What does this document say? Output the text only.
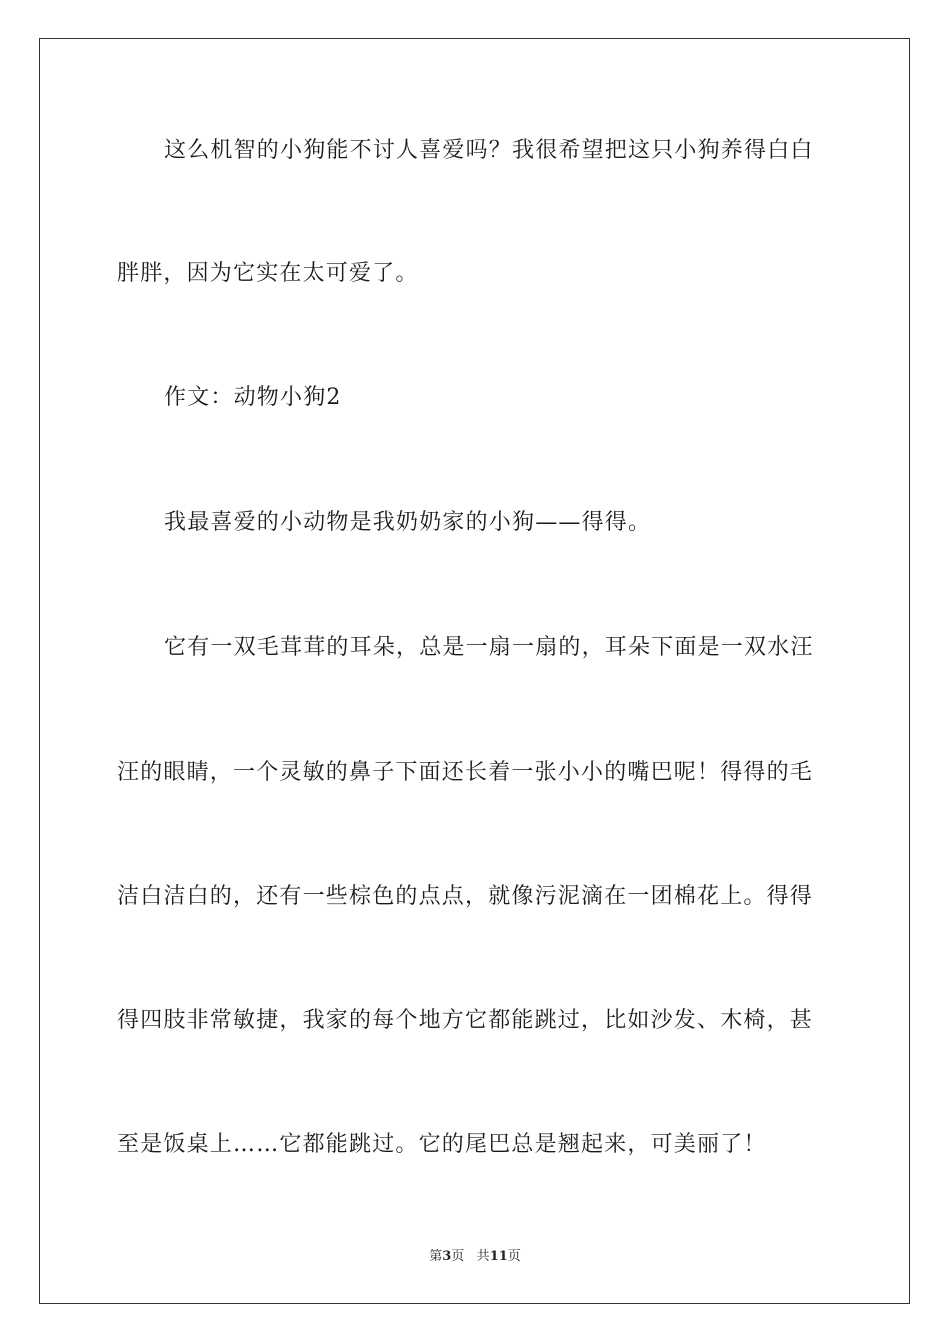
这么机智的小狗能不讨人喜爱吗？我很希望把这只小狗养得白白
胖胖，因为它实在太可爱了。
作文：动物小狗2
我最喜爱的小动物是我奶奶家的小狗——得得。
它有一双毛茸茸的耳朵，总是一扇一扇的，耳朵下面是一双水汪
汪的眼睛，一个灵敏的鼻子下面还长着一张小小的嘴巴呢！得得的毛
洁白洁白的，还有一些棕色的点点，就像污泥滴在一团棉花上。得得
得四肢非常敏捷，我家的每个地方它都能跳过，比如沙发、木椅，甚
至是饭桌上……它都能跳过。它的尾巴总是翘起来，可美丽了！
第3页 共11页
